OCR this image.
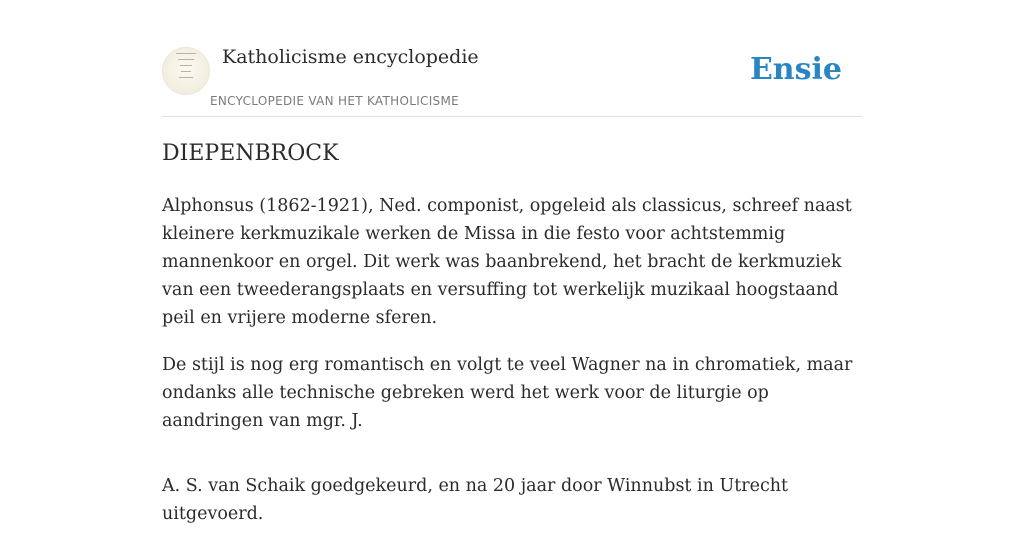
Katholicisme encyclopedie
ENCYCLOPEDIE VAN HET KATHOLICISME
Ensie
DIEPENBROCK

Alphonsus (1862-1921), Ned. componist, opgeleid als classicus, schreef naast kleinere kerkmuzikale werken de Missa in die festo voor achtstemmig mannenkoor en orgel. Dit werk was baanbrekend, het bracht de kerkmuziek van een tweederangsplaats en versuffing tot werkelijk muzikaal hoogstaand peil en vrijere moderne sferen.

De stijl is nog erg romantisch en volgt te veel Wagner na in chromatiek, maar ondanks alle technische gebreken werd het werk voor de liturgie op aandringen van mgr. J.

A. S. van Schaik goedgekeurd, en na 20 jaar door Winnubst in Utrecht uitgevoerd.
